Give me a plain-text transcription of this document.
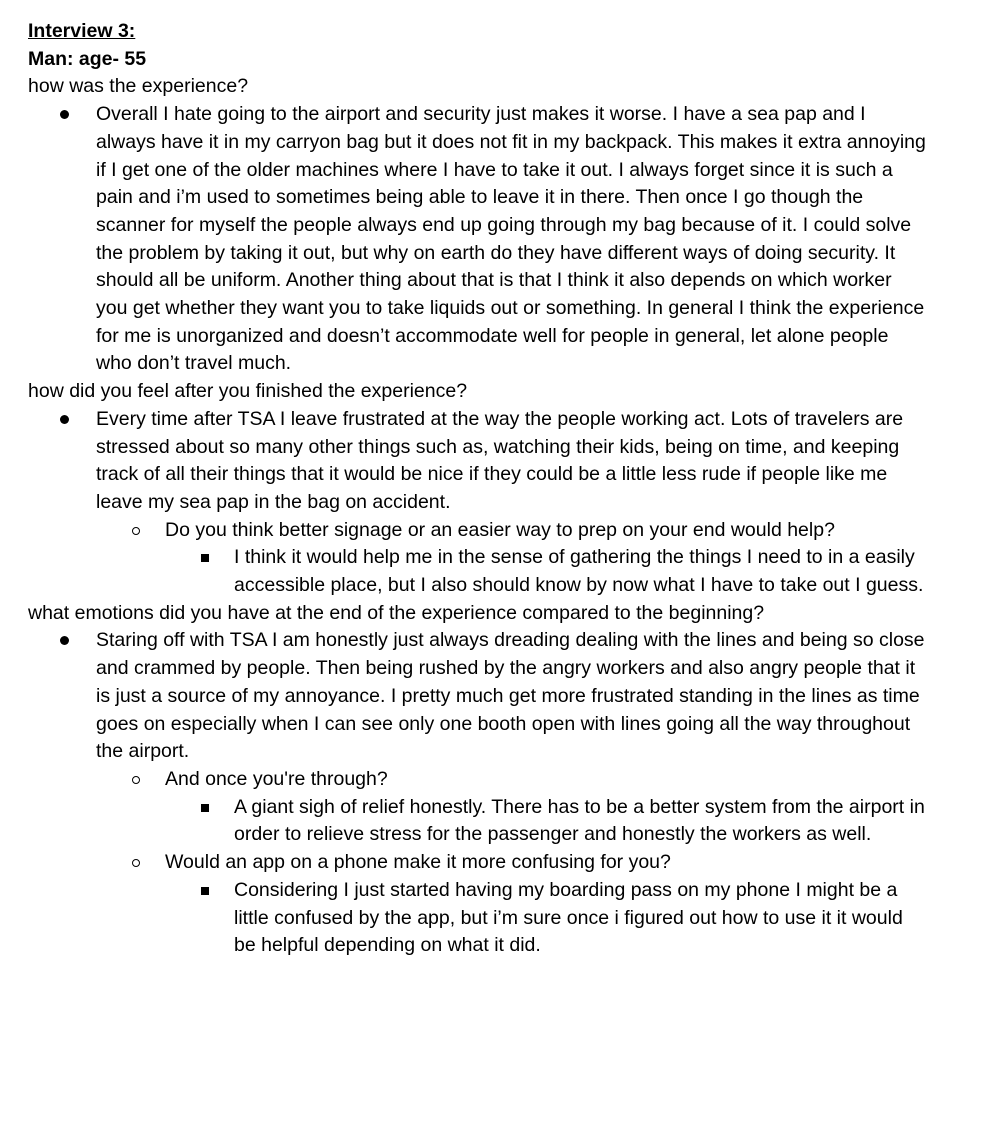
Interview 3:

Man: age- 55

how was the experience?

Overall I hate going to the airport and security just makes it worse. I have a sea pap and I always have it in my carryon bag but it does not fit in my backpack. This makes it extra annoying if I get one of the older machines where I have to take it out. I always forget since it is such a pain and i’m used to sometimes being able to leave it in there. Then once I go though the scanner for myself the people always end up going through my bag because of it. I could solve the problem by taking it out, but why on earth do they have different ways of doing security. It should all be uniform. Another thing about that is that I think it also depends on which worker you get whether they want you to take liquids out or something. In general I think the experience for me is unorganized and doesn’t accommodate well for people in general, let alone people who don’t travel much.

how did you feel after you finished the experience?

Every time after TSA I leave frustrated at the way the people working act. Lots of travelers are stressed about so many other things such as, watching their kids, being on time, and keeping track of all their things that it would be nice if they could be a little less rude if people like me leave my sea pap in the bag on accident.
Do you think better signage or an easier way to prep on your end would help?
I think it would help me in the sense of gathering the things I need to in a easily accessible place, but I also should know by now what I have to take out I guess.

what emotions did you have at the end of the experience compared to the beginning?

Staring off with TSA I am honestly just always dreading dealing with the lines and being so close and crammed by people. Then being rushed by the angry workers and also angry people that it is just a source of my annoyance. I pretty much get more frustrated standing in the lines as time goes on especially when I can see only one booth open with lines going all the way throughout the airport.
And once you're through?
A giant sigh of relief honestly. There has to be a better system from the airport in order to relieve stress for the passenger and honestly the workers as well.
Would an app on a phone make it more confusing for you?
Considering I just started having my boarding pass on my phone I might be a little confused by the app, but i’m sure once i figured out how to use it it would be helpful depending on what it did.
